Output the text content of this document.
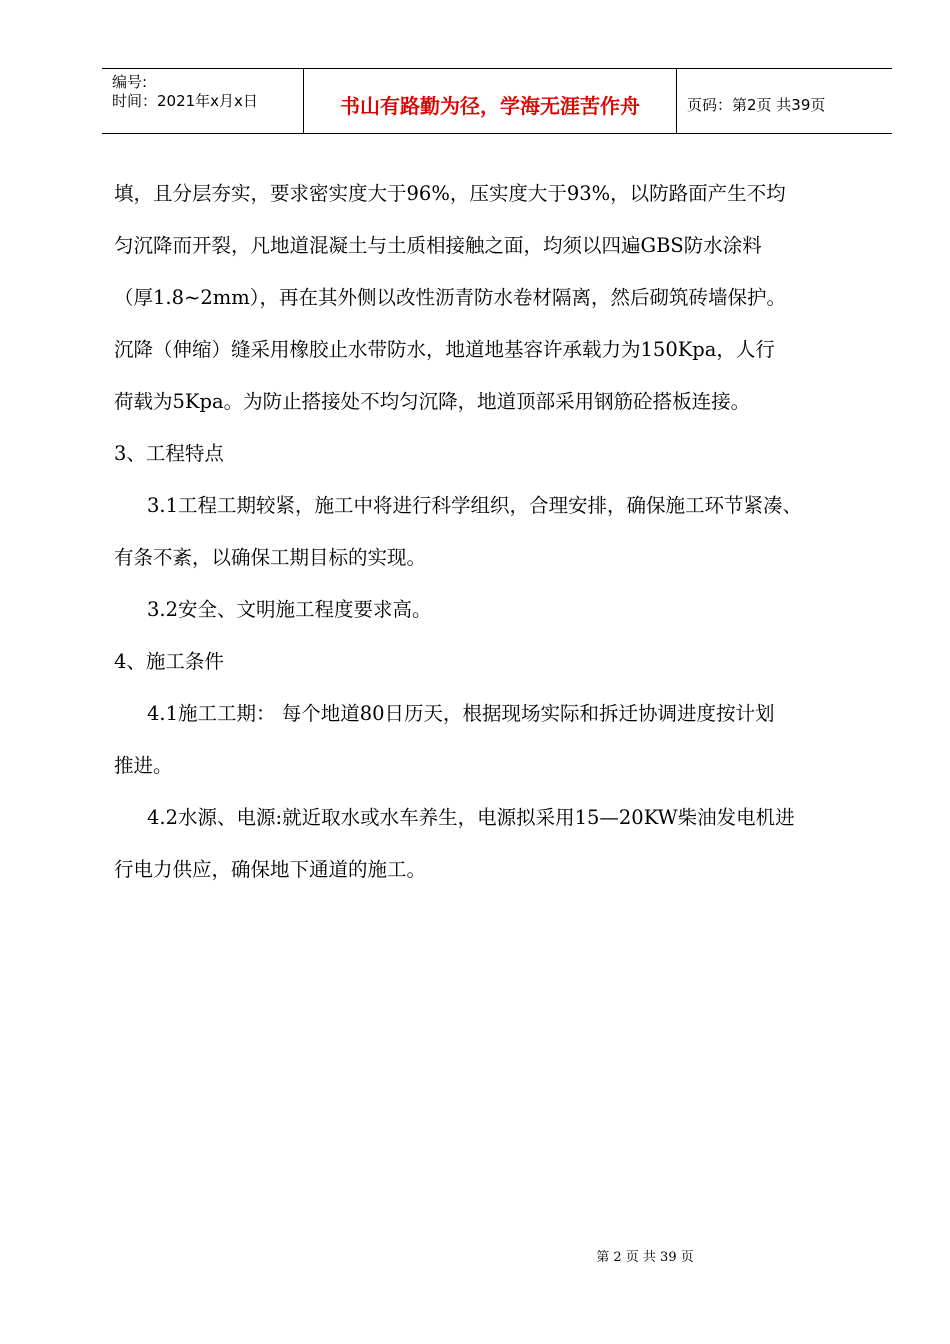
编号:
时间：2021年x月x日	书山有路勤为径，学海无涯苦作舟	页码：第2页 共39页

填，且分层夯实，要求密实度大于96%，压实度大于93%，以防路面产生不均

匀沉降而开裂，凡地道混凝土与土质相接触之面，均须以四遍GBS防水涂料

（厚1.8~2mm），再在其外侧以改性沥青防水卷材隔离，然后砌筑砖墙保护。

沉降（伸缩）缝采用橡胶止水带防水，地道地基容许承载力为150Kpa，人行

荷载为5Kpa。为防止搭接处不均匀沉降，地道顶部采用钢筋砼搭板连接。

3、工程特点

3.1工程工期较紧，施工中将进行科学组织，合理安排，确保施工环节紧凑、

有条不紊，以确保工期目标的实现。

3.2安全、文明施工程度要求高。

4、施工条件

4.1施工工期： 每个地道80日历天，根据现场实际和拆迁协调进度按计划

推进。

4.2水源、电源:就近取水或水车养生，电源拟采用15—20KW柴油发电机进

行电力供应，确保地下通道的施工。

第 2 页 共 39 页
